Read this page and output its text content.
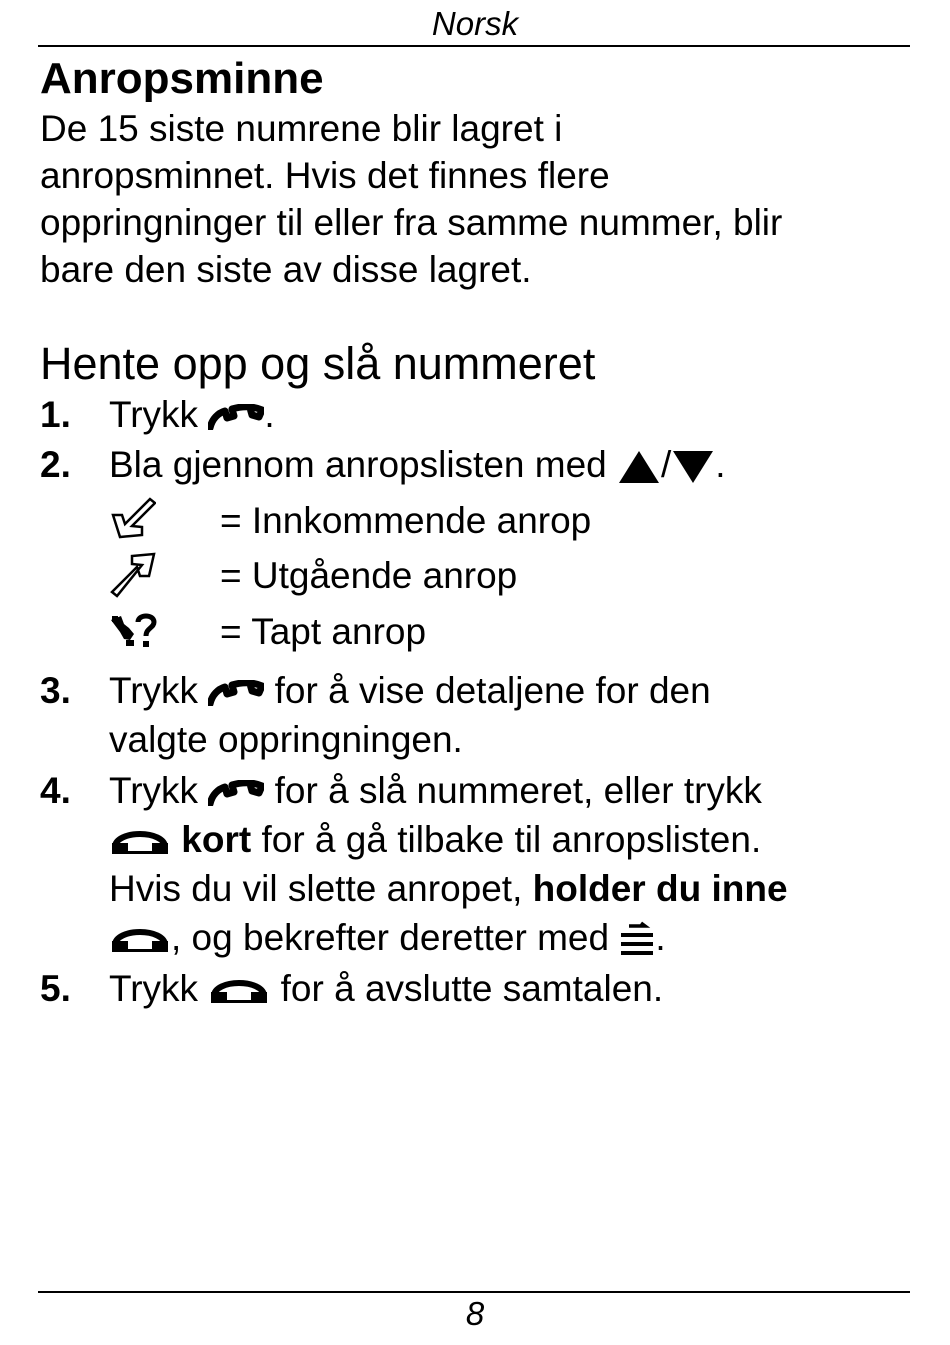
Norsk
Anropsminne

De 15 siste numrene blir lagret i
anropsminnet. Hvis det finnes flere
oppringninger til eller fra samme nummer, blir
bare den siste av disse lagret.

Hente opp og slå nummeret
1. Trykk .
2. Bla gjennom anropslisten med / .
= Innkommende anrop
= Utgående anrop
= Tapt anrop
3. Trykk  for å vise detaljene for den
valgte oppringningen.
4. Trykk  for å slå nummeret, eller trykk
kort for å gå tilbake til anropslisten.
Hvis du vil slette anropet, holder du inne
, og bekrefter deretter med .
5. Trykk  for å avslutte samtalen.
8
